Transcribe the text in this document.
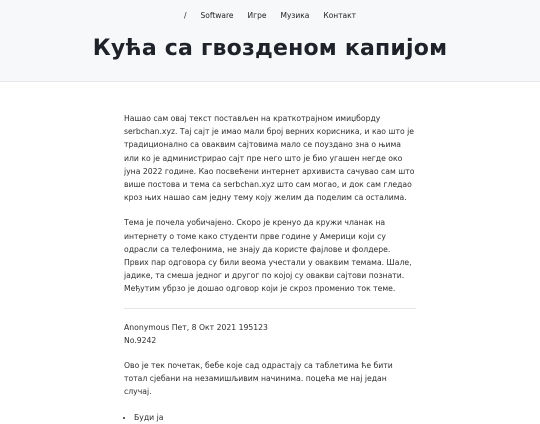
/ Software Игре Музика Контакт
Кућа са гвозденом капијом

Нашао сам овај текст постављен на краткотрајном имиџборду serbchan.xyz. Тај сајт је имао мали број верних корисника, и као што је традиционално са оваквим сајтовима мало се поуздано зна о њима или ко је администрирао сајт пре него што је био угашен негде око јуна 2022 године. Као посвећени интернет архивиста сачувао сам што више постова и тема са serbchan.xyz што сам могао, и док сам гледао кроз њих нашао сам једну тему коју желим да поделим са осталима.

Тема је почела уобичајено. Скоро је кренуо да кружи чланак на интернету о томе како студенти прве године у Америци који су одрасли са телефонима, не знају да користе фајлове и фолдере. Првих пар одговора су били веома учестали у оваквим темама. Шале, јадике, та смеша једног и другог по којој су овакви сајтови познати. Међутим убрзо је дошао одговор који је скроз променио ток теме.

Anonymous Пет, 8 Окт 2021 195123
No.9242

Ово је тек почетак, бебе које сад одрастају са таблетима ће бити тотал сјебани на незамишљивим начинима. поцећа ме нај један случај.

• Буди ја
